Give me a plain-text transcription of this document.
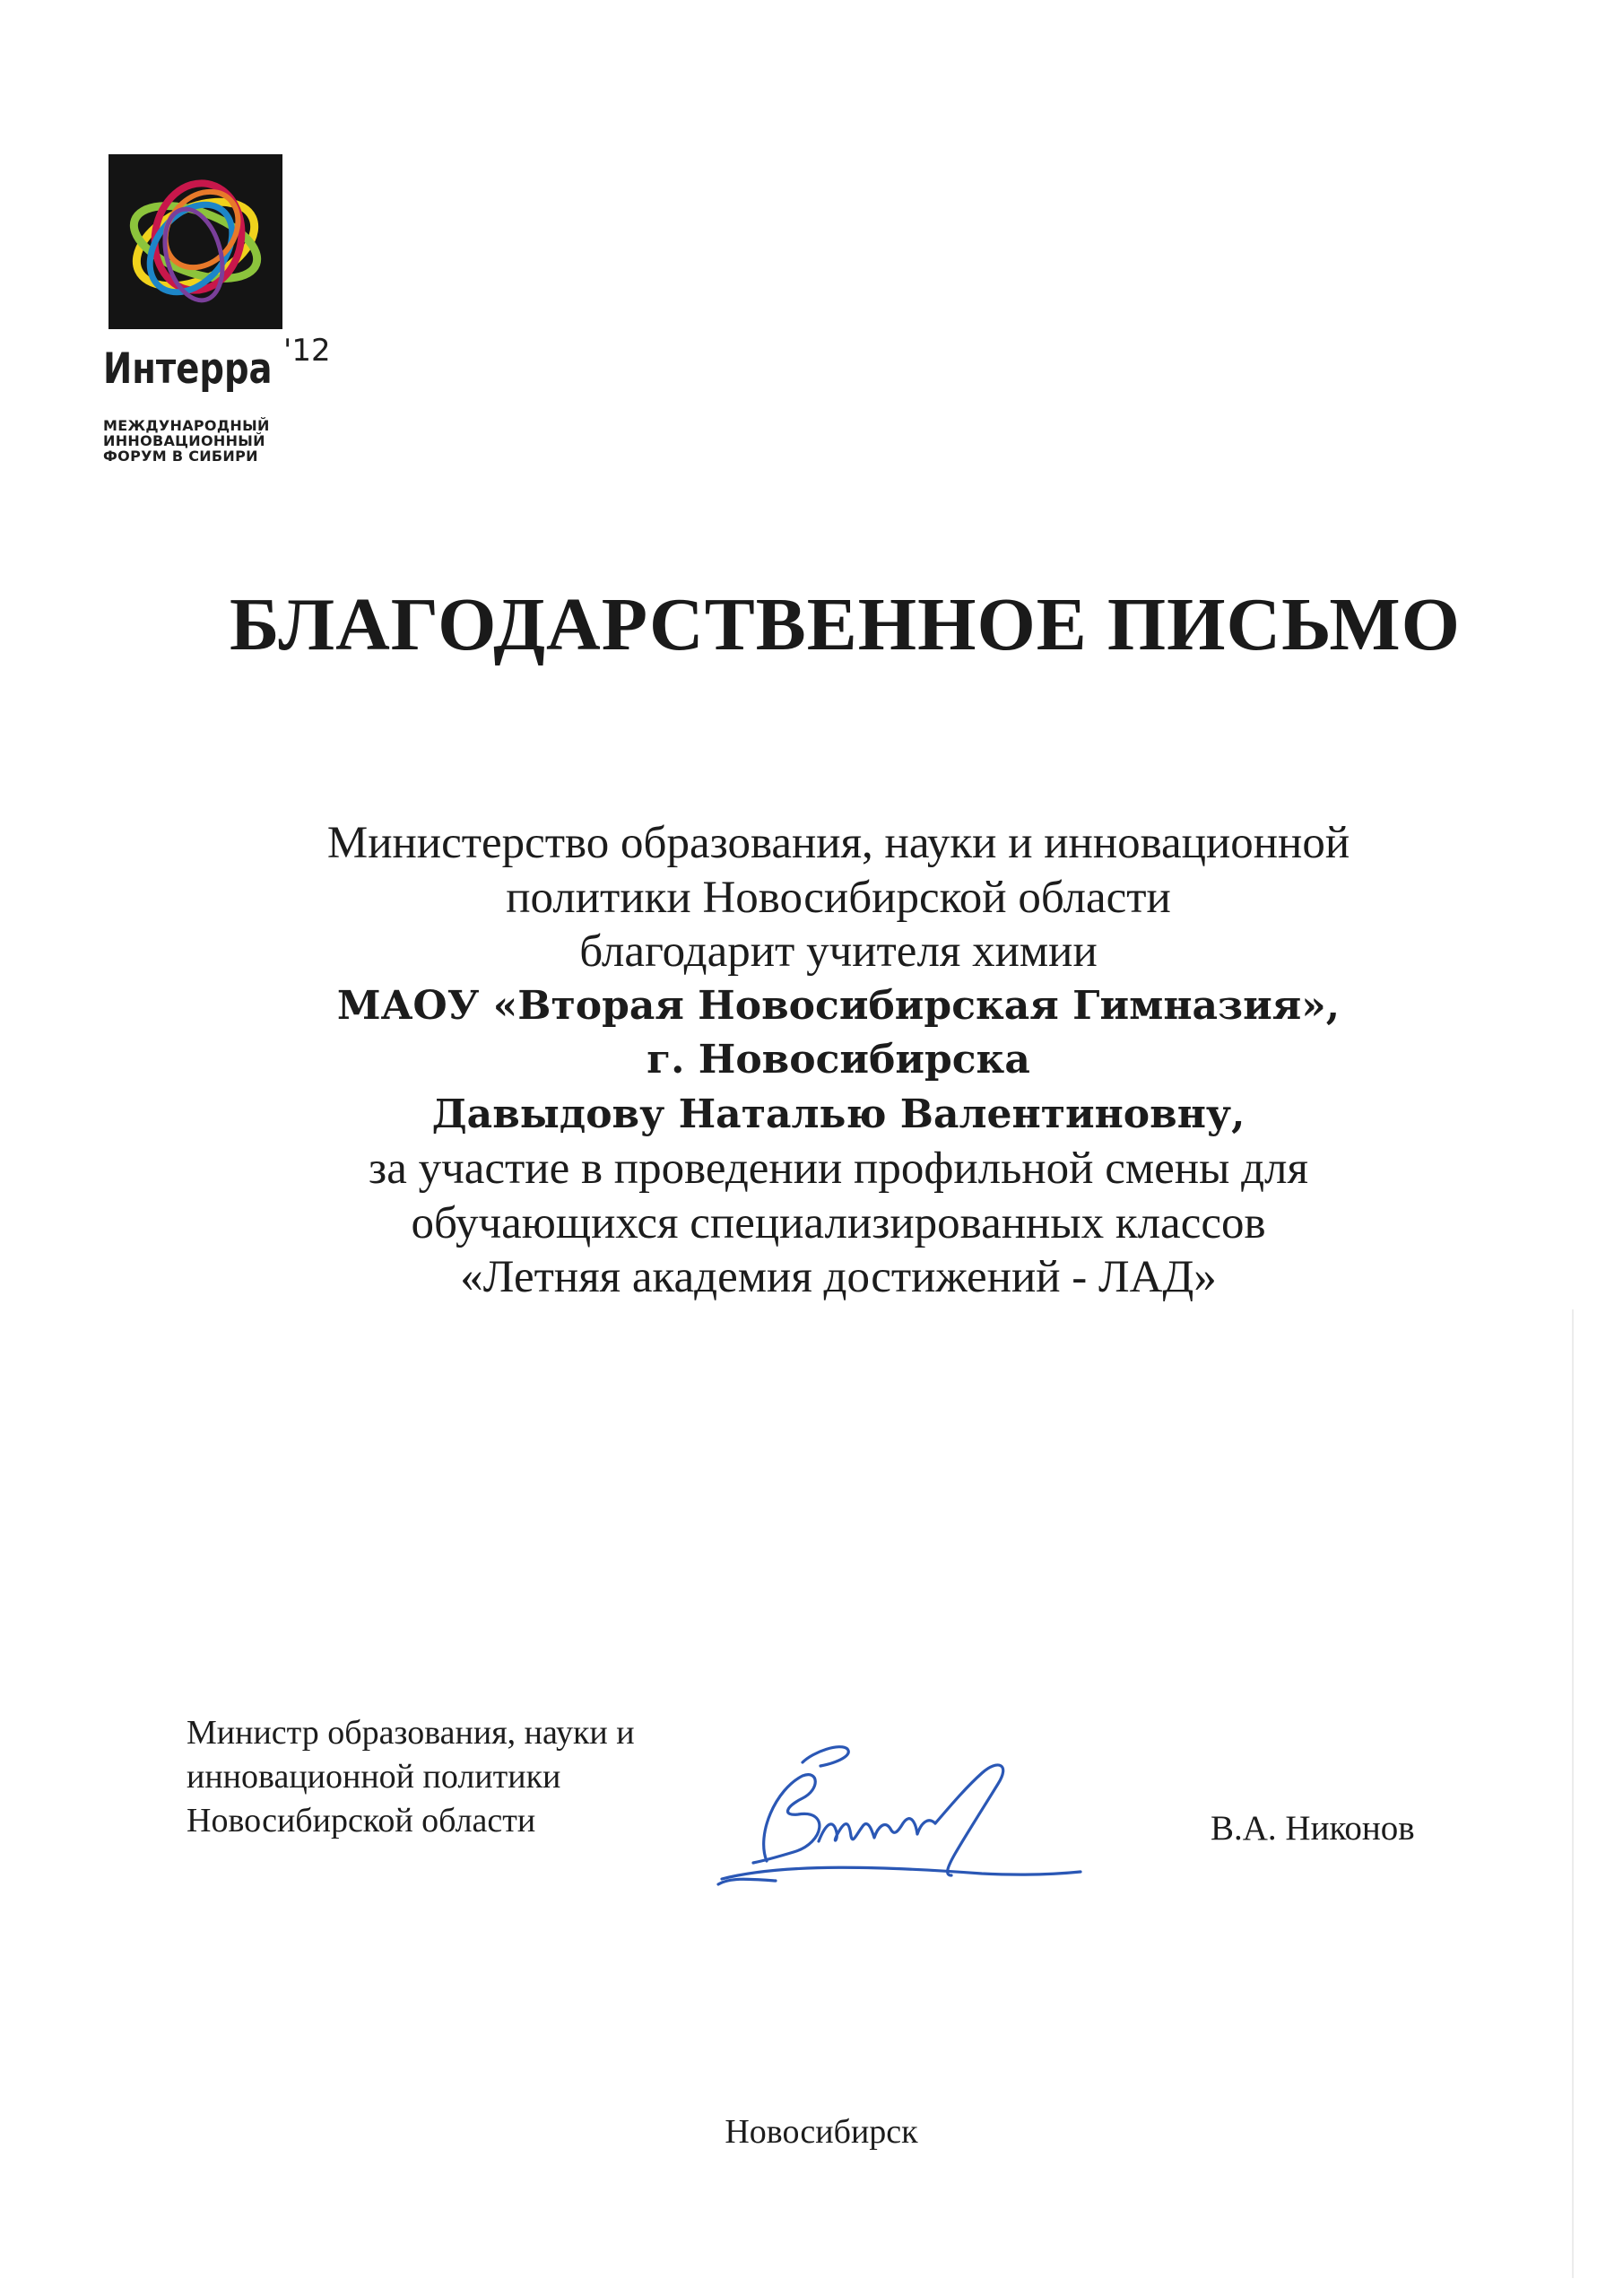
Интерра '12
МЕЖДУНАРОДНЫЙ
ИННОВАЦИОННЫЙ
ФОРУМ В СИБИРИ
БЛАГОДАРСТВЕННОЕ ПИСЬМО
Министерство образования, науки и инновационной
политики Новосибирской области
благодарит учителя химии
МАОУ «Вторая Новосибирская Гимназия»,
г. Новосибирска
Давыдову Наталью Валентиновну,
за участие в проведении профильной смены для
обучающихся специализированных классов
«Летняя академия достижений - ЛАД»
Министр образования, науки и
инновационной политики
Новосибирской области	В.А. Никонов
Новосибирск
